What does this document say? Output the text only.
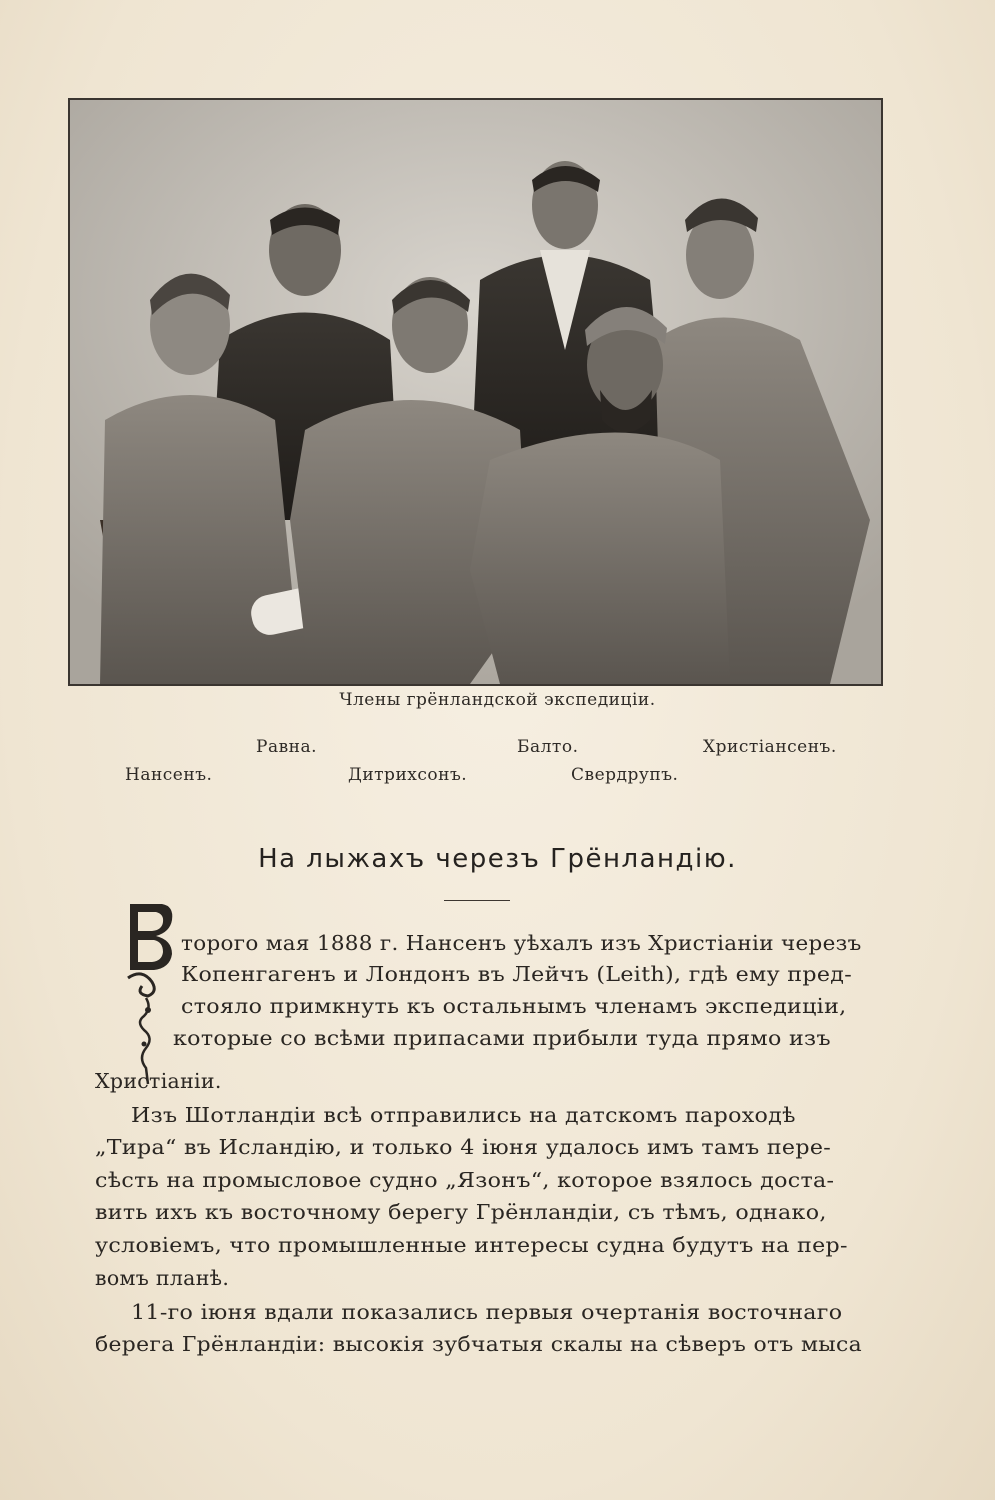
Члены грёнландской экспедиціи.
Равна.	Балто.	Христіансенъ.
Нансенъ.	Дитрихсонъ.	Свердрупъ.
На лыжахъ черезъ Грёнландію.
торого мая 1888 г. Нансенъ уѣхалъ изъ Христіаніи черезъ
Копенгагенъ и Лондонъ въ Лейчъ (Leith), гдѣ ему пред-
стояло примкнуть къ остальнымъ членамъ экспедиціи,
которые со всѣми припасами прибыли туда прямо изъ
Христіаніи.
Изъ Шотландіи всѣ отправились на датскомъ пароходѣ
„Тира“ въ Исландію, и только 4 іюня удалось имъ тамъ пере-
сѣсть на промысловое судно „Язонъ“, которое взялось доста-
вить ихъ къ восточному берегу Грёнландіи, съ тѣмъ, однако,
условіемъ, что промышленные интересы судна будутъ на пер-
вомъ планѣ.
11-го іюня вдали показались первыя очертанія восточнаго
берега Грёнландіи: высокія зубчатыя скалы на сѣверъ отъ мыса
